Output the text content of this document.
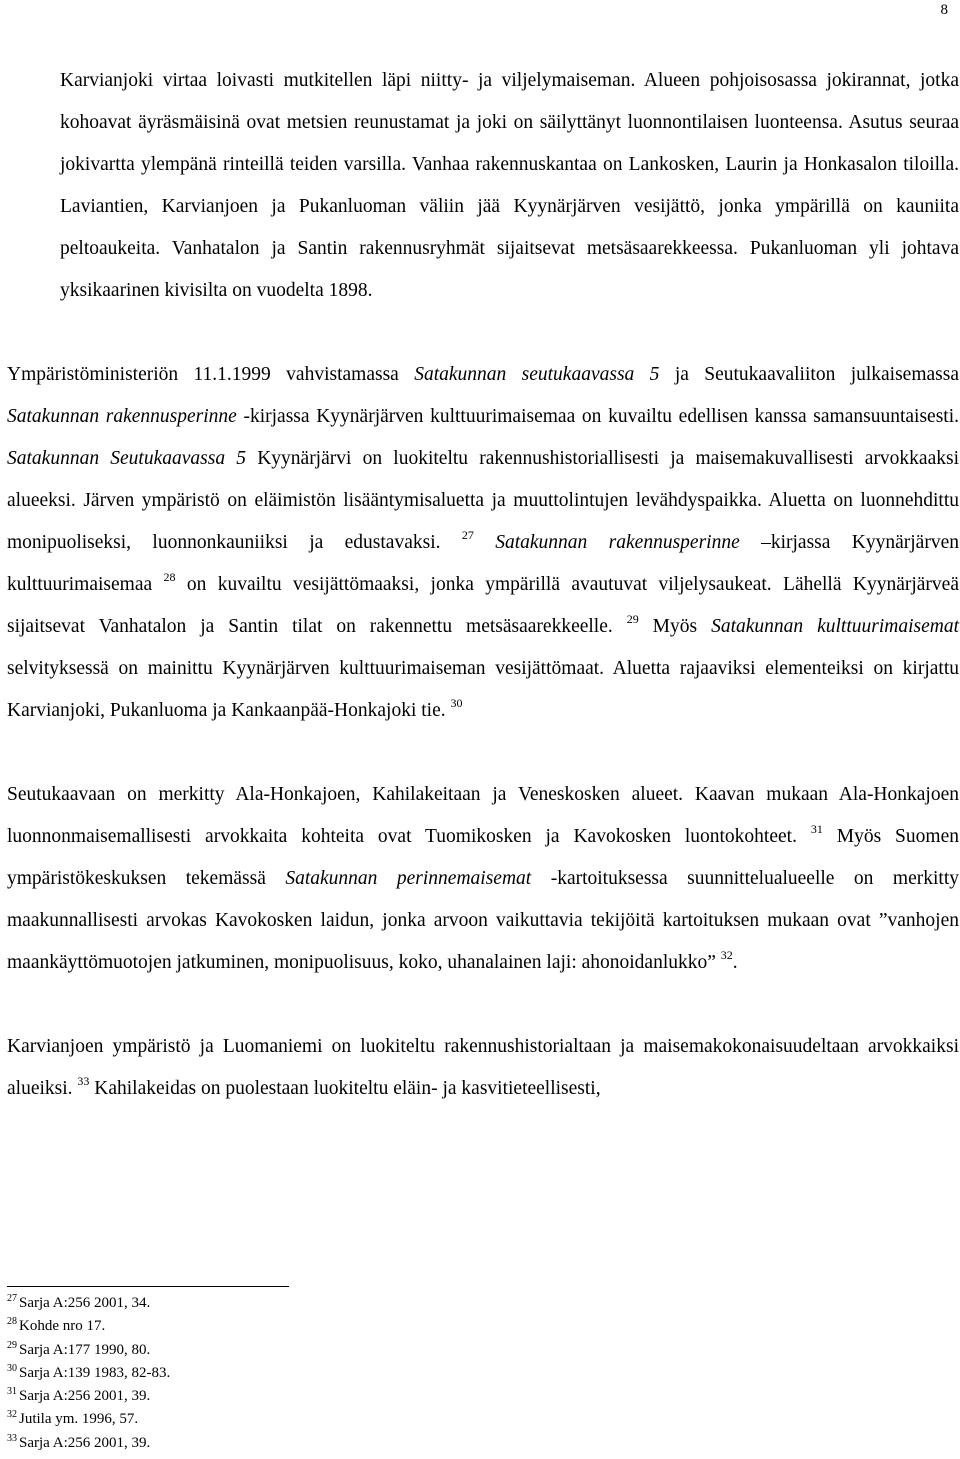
8

Karvianjoki virtaa loivasti mutkitellen läpi niitty- ja viljelymaiseman. Alueen pohjoisosassa jokirannat, jotka kohoavat äyräsmäisinä ovat metsien reunustamat ja joki on säilyttänyt luonnontilaisen luonteensa. Asutus seuraa jokivartta ylempänä rinteillä teiden varsilla. Vanhaa rakennuskantaa on Lankosken, Laurin ja Honkasalon tiloilla. Laviantien, Karvianjoen ja Pukanluoman väliin jää Kyynärjärven vesijättö, jonka ympärillä on kauniita peltoaukeita. Vanhatalon ja Santin rakennusryhmät sijaitsevat metsäsaarekkeessa. Pukanluoman yli johtava yksikaarinen kivisilta on vuodelta 1898.

Ympäristöministeriön 11.1.1999 vahvistamassa Satakunnan seutukaavassa 5 ja Seutukaavaliiton julkaisemassa Satakunnan rakennusperinne -kirjassa Kyynärjärven kulttuurimaisemaa on kuvailtu edellisen kanssa samansuuntaisesti. Satakunnan Seutukaavassa 5 Kyynärjärvi on luokiteltu rakennushistoriallisesti ja maisemakuvallisesti arvokkaaksi alueeksi. Järven ympäristö on eläimistön lisääntymisaluetta ja muuttolintujen levähdyspaikka. Aluetta on luonnehdittu monipuoliseksi, luonnonkauniiksi ja edustavaksi. $^{27}$ Satakunnan rakennusperinne –kirjassa Kyynärjärven kulttuurimaisemaa $^{28}$ on kuvailtu vesijättömaaksi, jonka ympärillä avautuvat viljelysaukeat. Lähellä Kyynärjärveä sijaitsevat Vanhatalon ja Santin tilat on rakennettu metsäsaarekkeelle. $^{29}$ Myös Satakunnan kulttuurimaisemat selvityksessä on mainittu Kyynärjärven kulttuurimaiseman vesijättömaat. Aluetta rajaaviksi elementeiksi on kirjattu Karvianjoki, Pukanluoma ja Kankaanpää-Honkajoki tie. $^{30}$

Seutukaavaan on merkitty Ala-Honkajoen, Kahilakeitaan ja Veneskosken alueet. Kaavan mukaan Ala-Honkajoen luonnonmaisemallisesti arvokkaita kohteita ovat Tuomikosken ja Kavokosken luontokohteet. $^{31}$ Myös Suomen ympäristökeskuksen tekemässä Satakunnan perinnemaisemat -kartoituksessa suunnittelualueelle on merkitty maakunnallisesti arvokas Kavokosken laidun, jonka arvoon vaikuttavia tekijöitä kartoituksen mukaan ovat ”vanhojen maankäyttömuotojen jatkuminen, monipuolisuus, koko, uhanalainen laji: ahonoidanlukko” $^{32}$.

Karvianjoen ympäristö ja Luomaniemi on luokiteltu rakennushistorialtaan ja maisemakokonaisuudeltaan arvokkaiksi alueiksi. $^{33}$ Kahilakeidas on puolestaan luokiteltu eläin- ja kasvitieteellisesti,

$^{27}$ Sarja A:256 2001, 34.
$^{28}$ Kohde nro 17.
$^{29}$ Sarja A:177 1990, 80.
$^{30}$ Sarja A:139 1983, 82-83.
$^{31}$ Sarja A:256 2001, 39.
$^{32}$ Jutila ym. 1996, 57.
$^{33}$ Sarja A:256 2001, 39.
